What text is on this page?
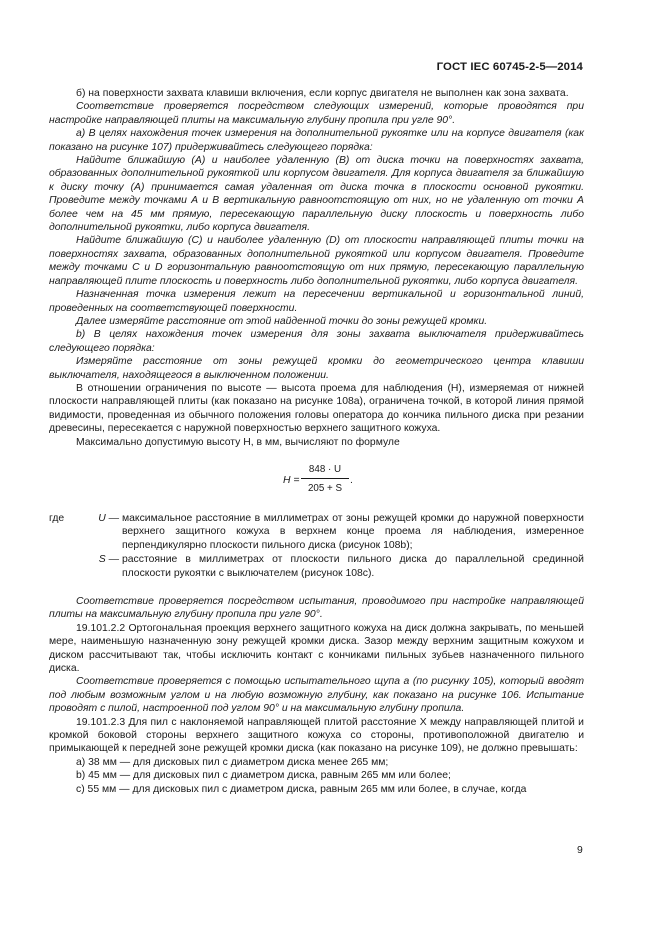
ГОСТ IEC 60745-2-5—2014

б) на поверхности захвата клавиши включения, если корпус двигателя не выполнен как зона захвата.

Соответствие проверяется посредством следующих измерений, которые проводятся при настройке направляющей плиты на максимальную глубину пропила при угле 90°.

а) В целях нахождения точек измерения на дополнительной рукоятке или на корпусе двигателя (как показано на рисунке 107) придерживайтесь следующего порядка:

Найдите ближайшую (А) и наиболее удаленную (В) от диска точки на поверхностях захвата, образованных дополнительной рукояткой или корпусом двигателя. Для корпуса двигателя за ближайшую к диску точку (А) принимается самая удаленная от диска точка в плоскости основной рукоятки. Проведите между точками А и В вертикальную равноотстоящую от них, но не удаленную от точки А более чем на 45 мм прямую, пересекающую параллельную диску плоскость и поверхность либо дополнительной рукоятки, либо корпуса двигателя.

Найдите ближайшую (С) и наиболее удаленную (D) от плоскости направляющей плиты точки на поверхностях захвата, образованных дополнительной рукояткой или корпусом двигателя. Проведите между точками С и D горизонтальную равноотстоящую от них прямую, пересекающую параллельную направляющей плите плоскость и поверхность либо дополнительной рукоятки, либо корпуса двигателя.

Назначенная точка измерения лежит на пересечении вертикальной и горизонтальной линий, проведенных на соответствующей поверхности.

Далее измеряйте расстояние от этой найденной точки до зоны режущей кромки.

b) В целях нахождения точек измерения для зоны захвата выключателя придерживайтесь следующего порядка:

Измеряйте расстояние от зоны режущей кромки до геометрического центра клавиши выключателя, находящегося в выключенном положении.

В отношении ограничения по высоте — высота проема для наблюдения (Н), измеряемая от нижней плоскости направляющей плиты (как показано на рисунке 108а), ограничена точкой, в которой линия прямой видимости, проведенная из обычного положения головы оператора до кончика пильного диска при резании древесины, пересекается с наружной поверхностью верхнего защитного кожуха.

Максимально допустимую высоту Н, в мм, вычисляют по формуле

$H = \frac{848 \cdot U}{205 + S}$ .
где	U — максимальное расстояние в миллиметрах от зоны режущей кромки до наружной поверхности верхнего защитного кожуха в верхнем конце проема ля наблюдения, измеренное перпендикулярно плоскости пильного диска (рисунок 108b);
S — расстояние в миллиметрах от плоскости пильного диска до параллельной срединной плоскости рукоятки с выключателем (рисунок 108с).

Соответствие проверяется посредством испытания, проводимого при настройке направляющей плиты на максимальную глубину пропила при угле 90°.

19.101.2.2 Ортогональная проекция верхнего защитного кожуха на диск должна закрывать, по меньшей мере, наименьшую назначенную зону режущей кромки диска. Зазор между верхним защитным кожухом и диском рассчитывают так, чтобы исключить контакт с кончиками пильных зубьев назначенного пильного диска.

Соответствие проверяется с помощью испытательного щупа а (по рисунку 105), который вводят под любым возможным углом и на любую возможную глубину, как показано на рисунке 106. Испытание проводят с пилой, настроенной под углом 90° и на максимальную глубину пропила.

19.101.2.3 Для пил с наклоняемой направляющей плитой расстояние Х между направляющей плитой и кромкой боковой стороны верхнего защитного кожуха со стороны, противоположной двигателю и примыкающей к передней зоне режущей кромки диска (как показано на рисунке 109), не должно превышать:

а) 38 мм — для дисковых пил с диаметром диска менее 265 мм;

b) 45 мм — для дисковых пил с диаметром диска, равным 265 мм или более;

с) 55 мм — для дисковых пил с диаметром диска, равным 265 мм или более, в случае, когда

9
